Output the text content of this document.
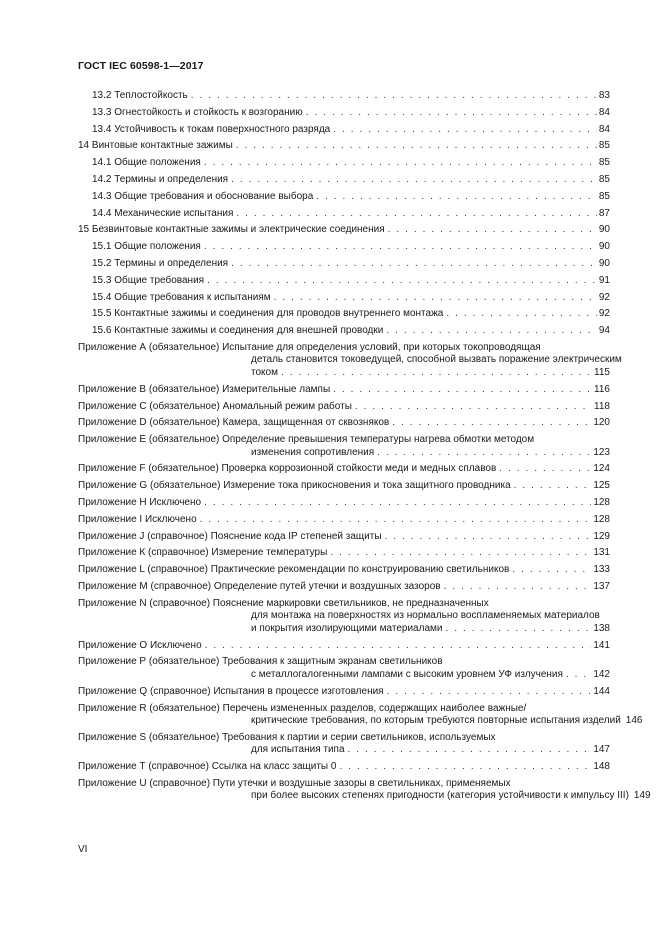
ГОСТ IEC 60598-1—2017
13.2 Теплостойкость . . .	83
13.3 Огнестойкость и стойкость к возгоранию . . .	84
13.4 Устойчивость к токам поверхностного разряда . . .	84
14 Винтовые контактные зажимы . . .	85
14.1 Общие положения . . .	85
14.2 Термины и определения . . .	85
14.3 Общие требования и обоснование выбора . . .	85
14.4 Механические испытания . . .	87
15 Безвинтовые контактные зажимы и электрические соединения . . .	90
15.1 Общие положения . . .	90
15.2 Термины и определения . . .	90
15.3 Общие требования . . .	91
15.4 Общие требования к испытаниям . . .	92
15.5 Контактные зажимы и соединения для проводов внутреннего монтажа . . .	92
15.6 Контактные зажимы и соединения для внешней проводки . . .	94
Приложение А (обязательное) Испытание для определения условий, при которых токопроводящая
деталь становится токоведущей, способной вызвать поражение электрическим
током . . .	115
Приложение В (обязательное) Измерительные лампы . . .	116
Приложение С (обязательное) Аномальный режим работы . . .	118
Приложение D (обязательное) Камера, защищенная от сквозняков . . .	120
Приложение Е (обязательное) Определение превышения температуры нагрева обмотки методом
изменения сопротивления . . .	123
Приложение F (обязательное) Проверка коррозионной стойкости меди и медных сплавов . . .	124
Приложение G (обязательное) Измерение тока прикосновения и тока защитного проводника . . .	125
Приложение Н Исключено . . .	128
Приложение I Исключено . . .	128
Приложение J (справочное) Пояснение кода IP степеней защиты . . .	129
Приложение К (справочное) Измерение температуры . . .	131
Приложение L (справочное) Практические рекомендации по конструированию светильников . . .	133
Приложение М (справочное) Определение путей утечки и воздушных зазоров . . .	137
Приложение N (справочное) Пояснение маркировки светильников, не предназначенных
для монтажа на поверхностях из нормально воспламеняемых материалов
и покрытия изолирующими материалами . . .	138
Приложение О Исключено . . .	141
Приложение Р (обязательное) Требования к защитным экранам светильников
с металлогалогенными лампами с высоким уровнем УФ излучения . . .	142
Приложение Q (справочное) Испытания в процессе изготовления . . .	144
Приложение R (обязательное) Перечень измененных разделов, содержащих наиболее важные/
критические требования, по которым требуются повторные испытания изделий 146
Приложение S (обязательное) Требования к партии и серии светильников, используемых
для испытания типа . . .	147
Приложение Т (справочное) Ссылка на класс защиты 0 . . .	148
Приложение U (справочное) Пути утечки и воздушные зазоры в светильниках, применяемых
при более высоких степенях пригодности (категория устойчивости к импульсу III) 149
VI
